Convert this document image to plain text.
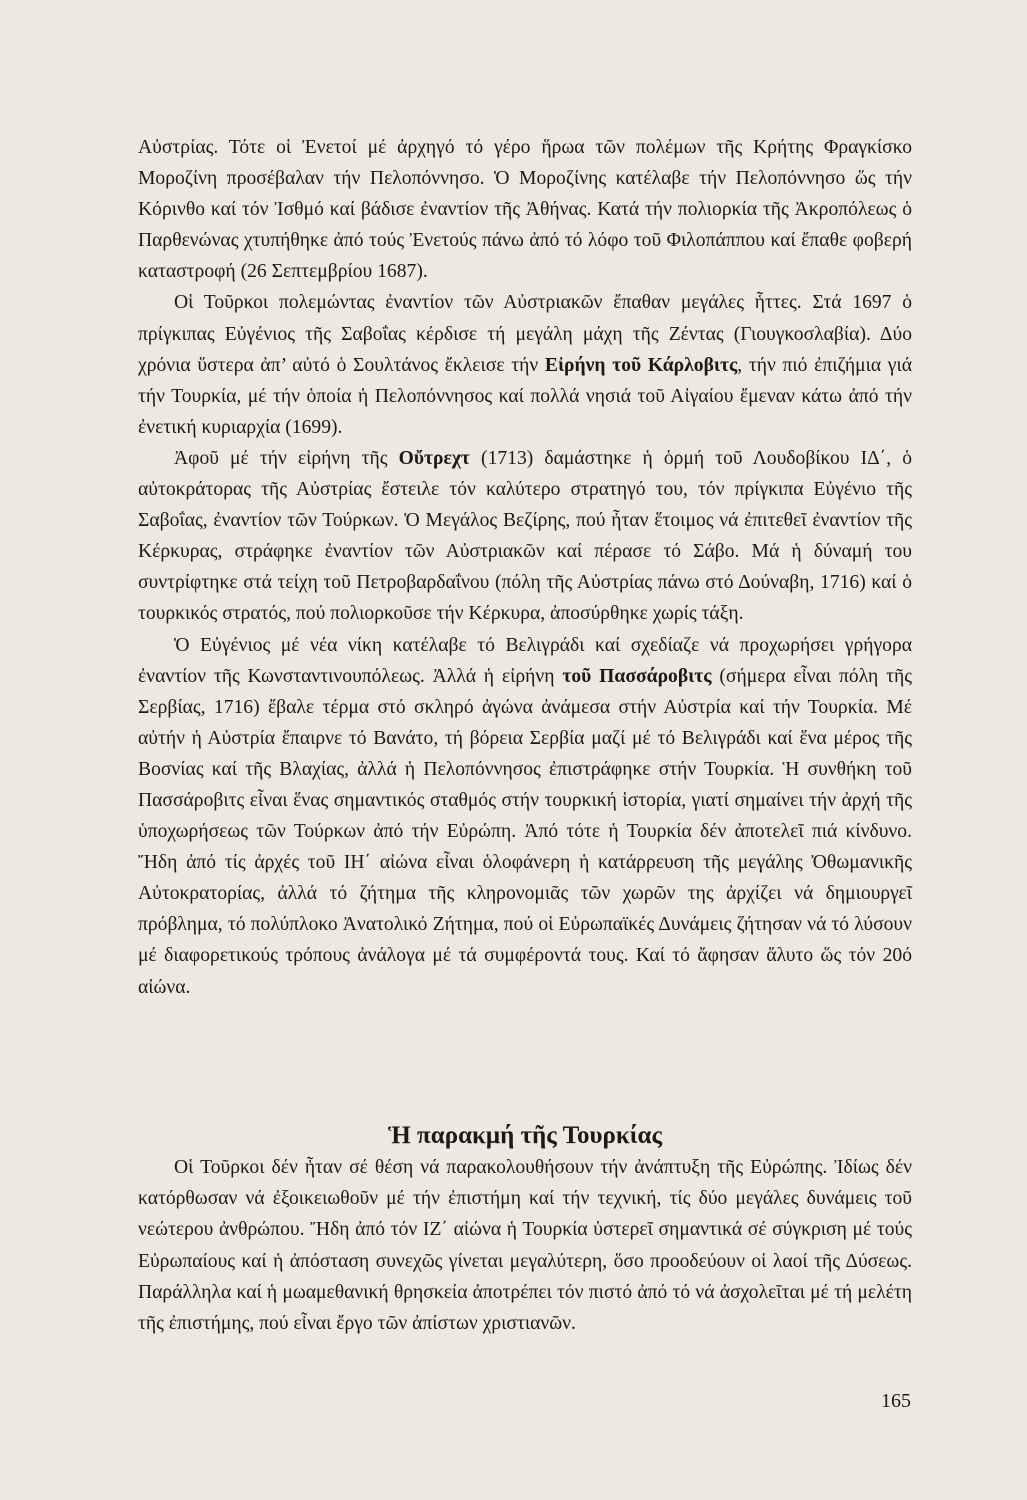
Αὐστρίας. Τότε οἱ Ἐνετοί μέ ἀρχηγό τό γέρο ἥρωα τῶν πολέμων τῆς Κρήτης Φραγκίσκο Μοροζίνη προσέβαλαν τήν Πελοπόννησο. Ὁ Μοροζίνης κατέλαβε τήν Πελοπόννησο ὥς τήν Κόρινθο καί τόν Ἰσθμό καί βάδισε ἐναντίον τῆς Ἀθήνας. Κατά τήν πολιορκία τῆς Ἀκροπόλεως ὁ Παρθενώνας χτυπήθηκε ἀπό τούς Ἐνετούς πάνω ἀπό τό λόφο τοῦ Φιλοπάππου καί ἔπαθε φοβερή καταστροφή (26 Σεπτεμβρίου 1687).

Οἱ Τοῦρκοι πολεμώντας ἐναντίον τῶν Αὐστριακῶν ἔπαθαν μεγάλες ἧττες. Στά 1697 ὁ πρίγκιπας Εὐγένιος τῆς Σαβοΐας κέρδισε τή μεγάλη μάχη τῆς Ζέντας (Γιουγκοσλαβία). Δύο χρόνια ὕστερα ἀπ’ αὐτό ὁ Σουλτάνος ἔκλεισε τήν Εἰρήνη τοῦ Κάρλοβιτς, τήν πιό ἐπιζήμια γιά τήν Τουρκία, μέ τήν ὁποία ἡ Πελοπόννησος καί πολλά νησιά τοῦ Αἰγαίου ἔμεναν κάτω ἀπό τήν ἐνετική κυριαρχία (1699).

Ἀφοῦ μέ τήν εἰρήνη τῆς Οὔτρεχτ (1713) δαμάστηκε ἡ ὁρμή τοῦ Λουδοβίκου ΙΔ΄, ὁ αὐτοκράτορας τῆς Αὐστρίας ἔστειλε τόν καλύτερο στρατηγό του, τόν πρίγκιπα Εὐγένιο τῆς Σαβοΐας, ἐναντίον τῶν Τούρκων. Ὁ Μεγάλος Βεζίρης, πού ἦταν ἕτοιμος νά ἐπιτεθεῖ ἐναντίον τῆς Κέρκυρας, στράφηκε ἐναντίον τῶν Αὐστριακῶν καί πέρασε τό Σάβο. Μά ἡ δύναμή του συντρίφτηκε στά τείχη τοῦ Πετροβαρδαΐνου (πόλη τῆς Αὐστρίας πάνω στό Δούναβη, 1716) καί ὁ τουρκικός στρατός, πού πολιορκοῦσε τήν Κέρκυρα, ἀποσύρθηκε χωρίς τάξη.

Ὁ Εὐγένιος μέ νέα νίκη κατέλαβε τό Βελιγράδι καί σχεδίαζε νά προχωρήσει γρήγορα ἐναντίον τῆς Κωνσταντινουπόλεως. Ἀλλά ἡ εἰρήνη τοῦ Πασσάροβιτς (σήμερα εἶναι πόλη τῆς Σερβίας, 1716) ἔβαλε τέρμα στό σκληρό ἀγώνα ἀνάμεσα στήν Αὐστρία καί τήν Τουρκία. Μέ αὐτήν ἡ Αὐστρία ἔπαιρνε τό Βανάτο, τή βόρεια Σερβία μαζί μέ τό Βελιγράδι καί ἕνα μέρος τῆς Βοσνίας καί τῆς Βλαχίας, ἀλλά ἡ Πελοπόννησος ἐπιστράφηκε στήν Τουρκία. Ἡ συνθήκη τοῦ Πασσάροβιτς εἶναι ἕνας σημαντικός σταθμός στήν τουρκική ἱστορία, γιατί σημαίνει τήν ἀρχή τῆς ὑποχωρήσεως τῶν Τούρκων ἀπό τήν Εὐρώπη. Ἀπό τότε ἡ Τουρκία δέν ἀποτελεῖ πιά κίνδυνο. Ἤδη ἀπό τίς ἀρχές τοῦ ΙΗ΄ αἰώνα εἶναι ὁλοφάνερη ἡ κατάρρευση τῆς μεγάλης Ὀθωμανικῆς Αὐτοκρατορίας, ἀλλά τό ζήτημα τῆς κληρονομιᾶς τῶν χωρῶν της ἀρχίζει νά δημιουργεῖ πρόβλημα, τό πολύπλοκο Ἀνατολικό Ζήτημα, πού οἱ Εὐρωπαϊκές Δυνάμεις ζήτησαν νά τό λύσουν μέ διαφορετικούς τρόπους ἀνάλογα μέ τά συμφέροντά τους. Καί τό ἄφησαν ἄλυτο ὥς τόν 20ό αἰώνα.

Ἡ παρακμή τῆς Τουρκίας

Οἱ Τοῦρκοι δέν ἦταν σέ θέση νά παρακολουθήσουν τήν ἀνάπτυξη τῆς Εὐρώπης. Ἰδίως δέν κατόρθωσαν νά ἐξοικειωθοῦν μέ τήν ἐπιστήμη καί τήν τεχνική, τίς δύο μεγάλες δυνάμεις τοῦ νεώτερου ἀνθρώπου. Ἤδη ἀπό τόν ΙΖ΄ αἰώνα ἡ Τουρκία ὑστερεῖ σημαντικά σέ σύγκριση μέ τούς Εὐρωπαίους καί ἡ ἀπόσταση συνεχῶς γίνεται μεγαλύτερη, ὅσο προοδεύουν οἱ λαοί τῆς Δύσεως. Παράλληλα καί ἡ μωαμεθανική θρησκεία ἀποτρέπει τόν πιστό ἀπό τό νά ἀσχολεῖται μέ τή μελέτη τῆς ἐπιστήμης, πού εἶναι ἔργο τῶν ἀπίστων χριστιανῶν.

165
